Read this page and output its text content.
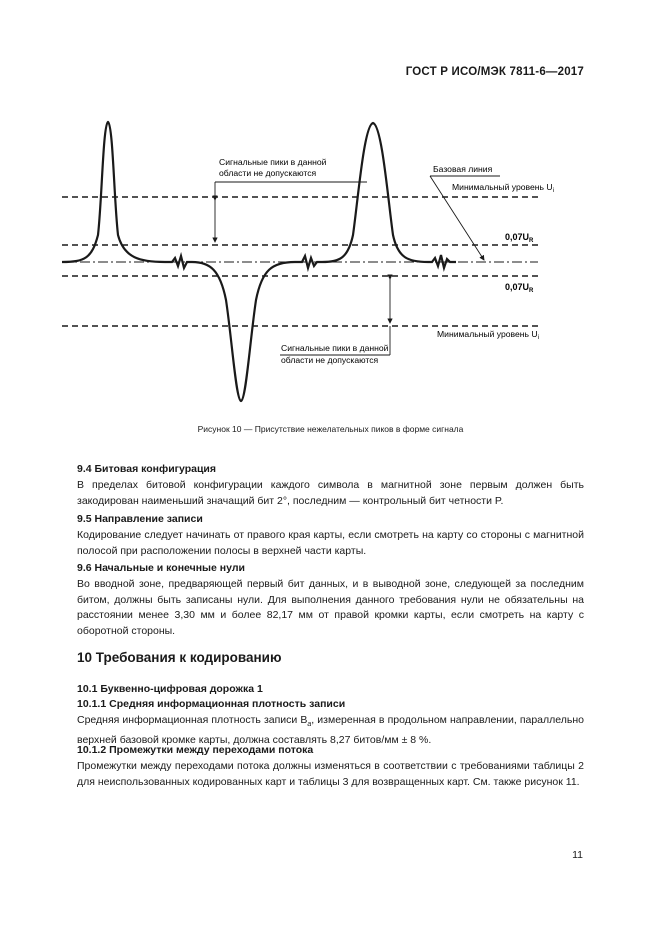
ГОСТ Р ИСО/МЭК 7811-6—2017
Сигнальные пики в данной
области не допускаются	Базовая линия
Минимальный уровень $U_i$
$0,07U_R$
$0,07U_R$
Минимальный уровень $U_i$
Сигнальные пики в данной
области не допускаются
Рисунок 10 — Присутствие нежелательных пиков в форме сигнала
9.4 Битовая конфигурация
В пределах битовой конфигурации каждого символа в магнитной зоне первым должен быть закодирован наименьший значащий бит 2°, последним — контрольный бит четности P.
9.5 Направление записи
Кодирование следует начинать от правого края карты, если смотреть на карту со стороны с магнитной полосой при расположении полосы в верхней части карты.
9.6 Начальные и конечные нули
Во вводной зоне, предваряющей первый бит данных, и в выводной зоне, следующей за последним битом, должны быть записаны нули. Для выполнения данного требования нули не обязательны на расстоянии менее 3,30 мм и более 82,17 мм от правой кромки карты, если смотреть на карту с оборотной стороны.
10 Требования к кодированию
10.1 Буквенно-цифровая дорожка 1
10.1.1 Средняя информационная плотность записи
Средняя информационная плотность записи $B_a$, измеренная в продольном направлении, параллельно верхней базовой кромке карты, должна составлять 8,27 битов/мм ± 8 %.
10.1.2 Промежутки между переходами потока
Промежутки между переходами потока должны изменяться в соответствии с требованиями таблицы 2 для неиспользованных кодированных карт и таблицы 3 для возвращенных карт. См. также рисунок 11.
11
